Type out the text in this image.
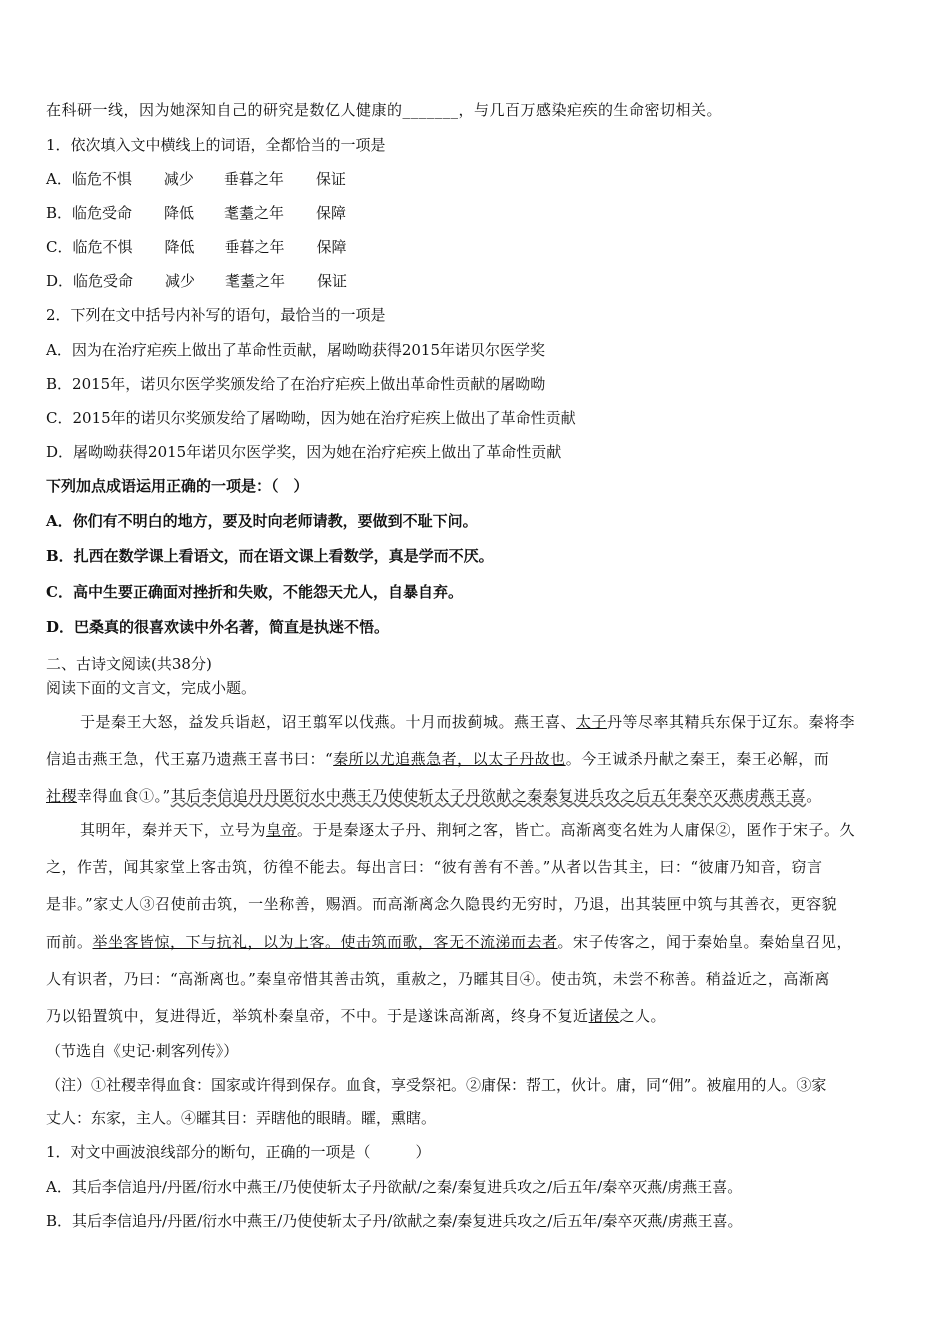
在科研一线，因为她深知自己的研究是数亿人健康的_______，与几百万感染疟疾的生命密切相关。
1．依次填入文中横线上的词语，全都恰当的一项是
A．临危不惧 减少 垂暮之年 保证
B．临危受命 降低 耄耋之年 保障
C．临危不惧 降低 垂暮之年 保障
D．临危受命 减少 耄耋之年 保证
2．下列在文中括号内补写的语句，最恰当的一项是
A．因为在治疗疟疾上做出了革命性贡献，屠呦呦获得2015年诺贝尔医学奖
B．2015年，诺贝尔医学奖颁发给了在治疗疟疾上做出革命性贡献的屠呦呦
C．2015年的诺贝尔奖颁发给了屠呦呦，因为她在治疗疟疾上做出了革命性贡献
D．屠呦呦获得2015年诺贝尔医学奖，因为她在治疗疟疾上做出了革命性贡献
下列加点成语运用正确的一项是：（　）
A．你们有不明白的地方，要及时向老师请教，要做到不耻下问。
B．扎西在数学课上看语文，而在语文课上看数学，真是学而不厌。
C．高中生要正确面对挫折和失败，不能怨天尤人，自暴自弃。
D．巴桑真的很喜欢读中外名著，简直是执迷不悟。
二、古诗文阅读(共38分)
阅读下面的文言文，完成小题。
于是秦王大怒，益发兵诣赵，诏王翦军以伐燕。十月而拔蓟城。燕王喜、太子丹等尽率其精兵东保于辽东。秦将李
信追击燕王急，代王嘉乃遗燕王喜书曰：“秦所以尤追燕急者，以太子丹故也。今王诚杀丹献之秦王，秦王必解，而
社稷幸得血食①。”其后李信追丹丹匿衍水中燕王乃使使斩太子丹欲献之秦秦复进兵攻之后五年秦卒灭燕虏燕王喜。
其明年，秦并天下，立号为皇帝。于是秦逐太子丹、荆轲之客，皆亡。高渐离变名姓为人庸保②，匿作于宋子。久
之，作苦，闻其家堂上客击筑，彷徨不能去。每出言曰：“彼有善有不善。”从者以告其主，曰：“彼庸乃知音，窃言
是非。”家丈人③召使前击筑，一坐称善，赐酒。而高渐离念久隐畏约无穷时，乃退，出其装匣中筑与其善衣，更容貌
而前。举坐客皆惊，下与抗礼，以为上客。使击筑而歌，客无不流涕而去者。宋子传客之，闻于秦始皇。秦始皇召见，
人有识者，乃曰：“高渐离也。”秦皇帝惜其善击筑，重赦之，乃矐其目④。使击筑，未尝不称善。稍益近之，高渐离
乃以铅置筑中，复进得近，举筑朴秦皇帝，不中。于是遂诛高渐离，终身不复近诸侯之人。
（节选自《史记·刺客列传》）
（注）①社稷幸得血食：国家或许得到保存。血食，享受祭祀。②庸保：帮工，伙计。庸，同“佣”。被雇用的人。③家
丈人：东家，主人。④矐其目：弄瞎他的眼睛。矐，熏瞎。
1．对文中画波浪线部分的断句，正确的一项是（　　　）
A．其后李信追丹/丹匿/衍水中燕王/乃使使斩太子丹欲献/之秦/秦复进兵攻之/后五年/秦卒灭燕/虏燕王喜。
B．其后李信追丹/丹匿/衍水中燕王/乃使使斩太子丹/欲献之秦/秦复进兵攻之/后五年/秦卒灭燕/虏燕王喜。
